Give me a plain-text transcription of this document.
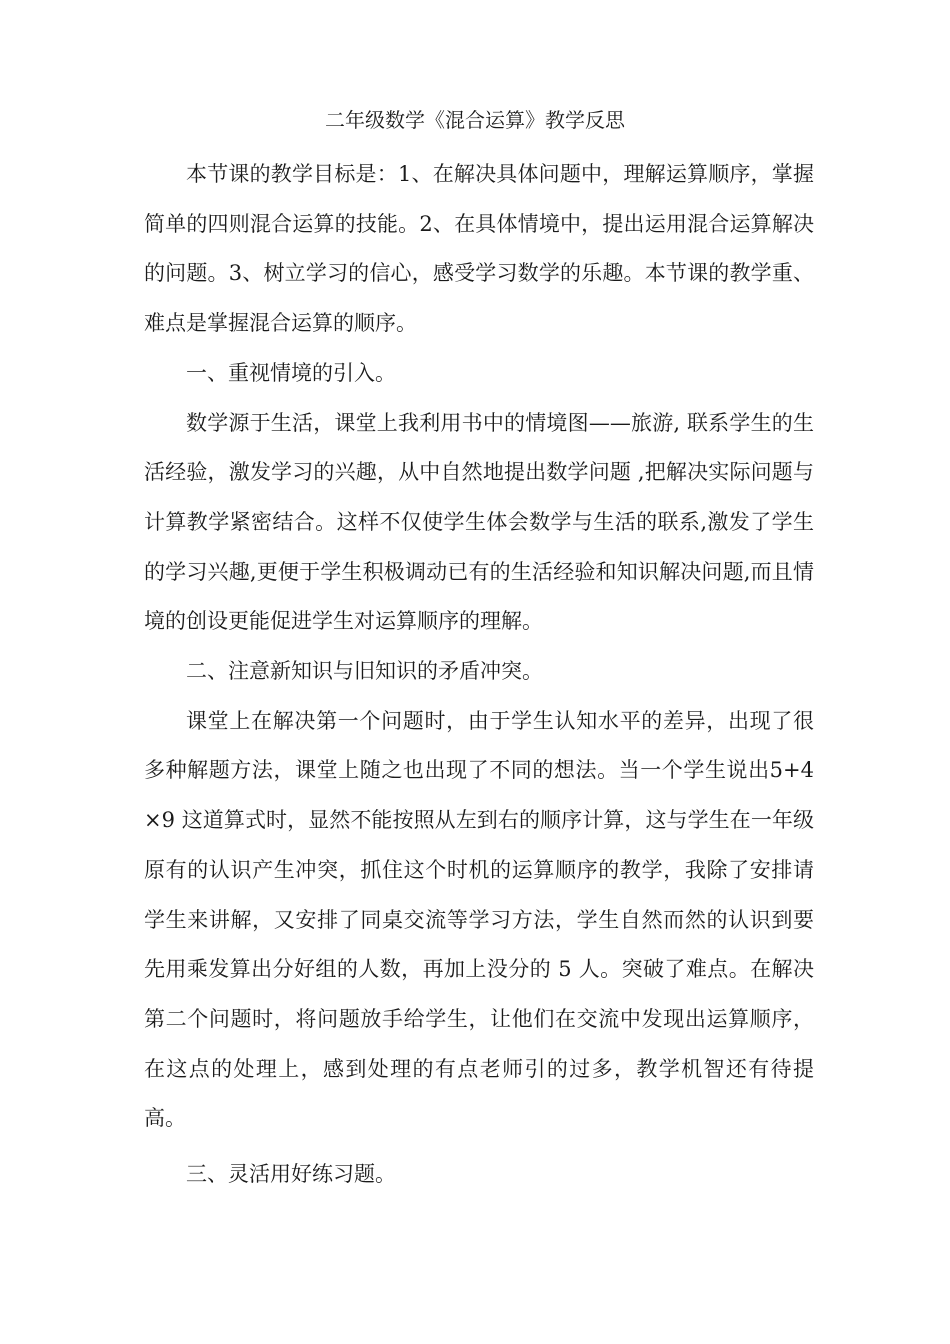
二年级数学《混合运算》教学反思

本节课的教学目标是：1、在解决具体问题中，理解运算顺序，掌握简单的四则混合运算的技能。2、在具体情境中，提出运用混合运算解决的问题。3、树立学习的信心，感受学习数学的乐趣。本节课的教学重、难点是掌握混合运算的顺序。

一、重视情境的引入。

数学源于生活，课堂上我利用书中的情境图——旅游, 联系学生的生活经验，激发学习的兴趣，从中自然地提出数学问题 ,把解决实际问题与计算教学紧密结合。这样不仅使学生体会数学与生活的联系,激发了学生的学习兴趣,更便于学生积极调动已有的生活经验和知识解决问题,而且情境的创设更能促进学生对运算顺序的理解。

二、注意新知识与旧知识的矛盾冲突。

课堂上在解决第一个问题时，由于学生认知水平的差异，出现了很多种解题方法，课堂上随之也出现了不同的想法。当一个学生说出5+4×9 这道算式时，显然不能按照从左到右的顺序计算，这与学生在一年级原有的认识产生冲突，抓住这个时机的运算顺序的教学，我除了安排请学生来讲解，又安排了同桌交流等学习方法，学生自然而然的认识到要先用乘发算出分好组的人数，再加上没分的 5 人。突破了难点。在解决第二个问题时，将问题放手给学生，让他们在交流中发现出运算顺序，在这点的处理上，感到处理的有点老师引的过多，教学机智还有待提高。

三、灵活用好练习题。
